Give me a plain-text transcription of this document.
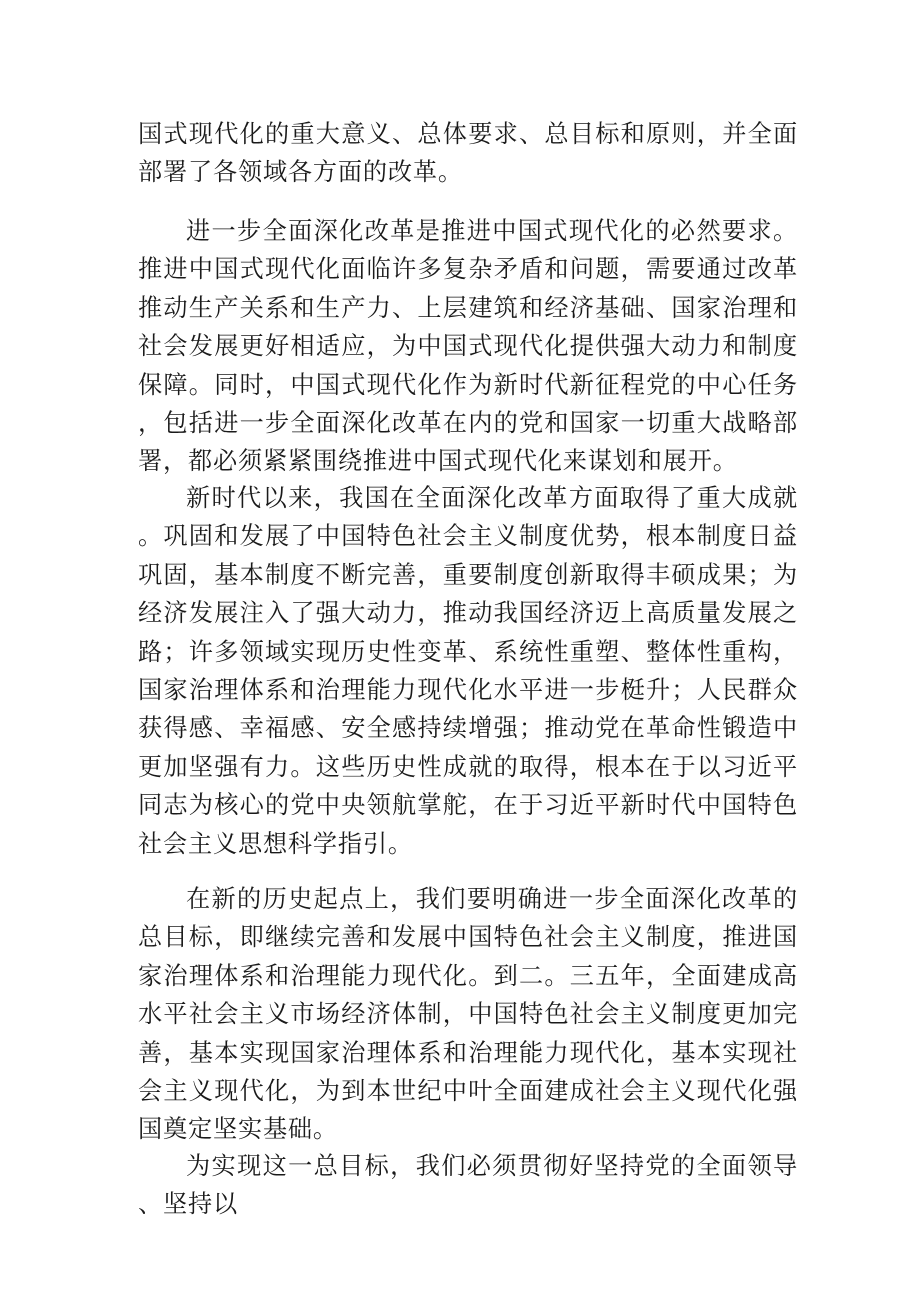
国式现代化的重大意义、总体要求、总目标和原则，并全面部署了各领域各方面的改革。

进一步全面深化改革是推进中国式现代化的必然要求。推进中国式现代化面临许多复杂矛盾和问题，需要通过改革推动生产关系和生产力、上层建筑和经济基础、国家治理和社会发展更好相适应，为中国式现代化提供强大动力和制度保障。同时，中国式现代化作为新时代新征程党的中心任务，包括进一步全面深化改革在内的党和国家一切重大战略部署，都必须紧紧围绕推进中国式现代化来谋划和展开。

新时代以来，我国在全面深化改革方面取得了重大成就。巩固和发展了中国特色社会主义制度优势，根本制度日益巩固，基本制度不断完善，重要制度创新取得丰硕成果；为经济发展注入了强大动力，推动我国经济迈上高质量发展之路；许多领域实现历史性变革、系统性重塑、整体性重构，国家治理体系和治理能力现代化水平进一步梃升；人民群众获得感、幸福感、安全感持续增强；推动党在革命性锻造中更加坚强有力。这些历史性成就的取得，根本在于以习近平同志为核心的党中央领航掌舵，在于习近平新时代中国特色社会主义思想科学指引。

在新的历史起点上，我们要明确进一步全面深化改革的总目标，即继续完善和发展中国特色社会主义制度，推进国家治理体系和治理能力现代化。到二。三五年，全面建成高水平社会主义市场经济体制，中国特色社会主义制度更加完善，基本实现国家治理体系和治理能力现代化，基本实现社会主义现代化，为到本世纪中叶全面建成社会主义现代化强国奠定坚实基础。

为实现这一总目标，我们必须贯彻好坚持党的全面领导、坚持以
